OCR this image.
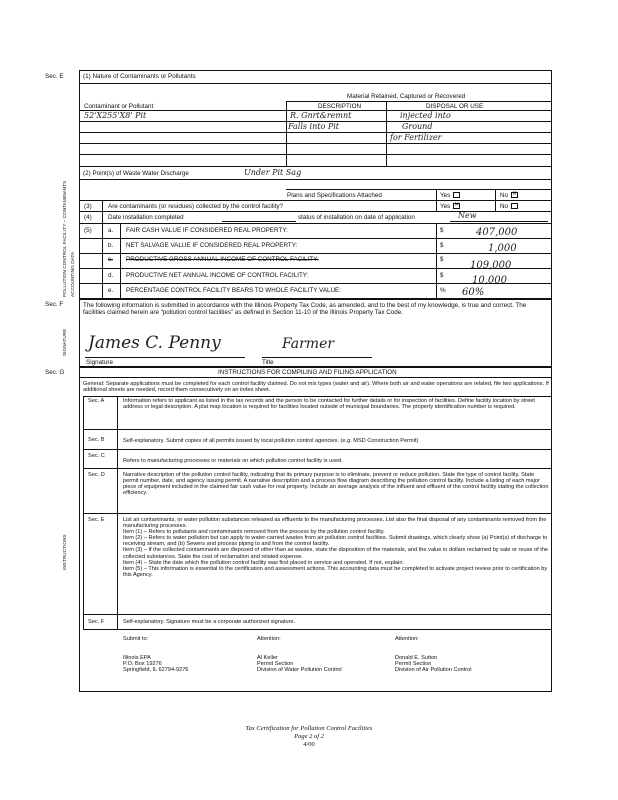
Sec. E	(1) Nature of Contaminants or Pollutants
POLLUTION CONTROL FACILITY – CONTAMINANTS
ACCOUNTING DATA
Material Retained, Captured or Recovered
Contaminant or Pollutant	DESCRIPTION	DISPOSAL OR USE
52'X255'X8' Pit	R. Gnrt&remnt
Falls into Pit
injected into
Ground
for Fertilizer
(2) Point(s) of Waste Water Discharge	Under Pit Sag
Plans and Specifications Attached	Yes	No✕
(3)	Are contaminants (or residues) collected by the control facility?	Yes✕	No
(4)	Date installation completed	status of installation on date of application	New
(5)	a. FAIR CASH VALUE IF CONSIDERED REAL PROPERTY:	$	407,000
b. NET SALVAGE VALUE IF CONSIDERED REAL PROPERTY:	$	1,000
c. PRODUCTIVE GROSS ANNUAL INCOME OF CONTROL FACILITY:	$
109,000
d. PRODUCTIVE NET ANNUAL INCOME OF CONTROL FACILITY:	$	10,000
e. PERCENTAGE CONTROL FACILITY BEARS TO WHOLE FACILITY VALUE:	% 60%
Sec. F
SIGNATURE
The following information is submitted in accordance with the Illinois Property Tax Code, as amended, and to the best of my knowledge, is true and correct. The facilities claimed herein are “pollution control facilities” as defined in Section 11-10 of the Illinois Property Tax Code.
James C. Penny	Farmer
Signature	Title
Sec. G
INSTRUCTIONS
INSTRUCTIONS FOR COMPILING AND FILING APPLICATION
General: Separate applications must be completed for each control facility claimed. Do not mix types (water and air). Where both air and water operations are related, file two applications. If additional sheets are needed, record them consecutively on an index sheet.
Sec. A	Information refers to applicant as listed in the tax records and the person to be contacted for further details or for inspection of facilities. Define facility location by street address or legal description. A plat map location is required for facilities located outside of municipal boundaries. The property identification number is required.
Sec. B	Self-explanatory. Submit copies of all permits issued by local pollution control agencies. (e.g. MSD Construction Permit)
Sec. C
Refers to manufacturing processes or materials on which pollution control facility is used.
Sec. D	Narrative description of the pollution control facility, indicating that its primary purpose is to eliminate, prevent or reduce pollution. State the type of control facility. State permit number, date, and agency issuing permit. A narrative description and a process flow diagram describing the pollution control facility. Include a listing of each major piece of equipment included in the claimed fair cash value for real property. Include an average analysis of the influent and effluent of the control facility stating the collection efficiency.
Sec. E	List air contaminants, or water pollution substances released as effluents to the manufacturing processes. List also the final disposal of any contaminants removed from the manufacturing processes.
Item (1) – Refers to pollutants and contaminants removed from the process by the pollution control facility.
Item (2) – Refers to water pollution but can apply to water-carried wastes from air pollution control facilities. Submit drawings, which clearly show (a) Point(s) of discharge to receiving stream, and (b) Sewers and process piping to and from the control facility.
Item (3) – If the collected contaminants are disposed of other than as wastes, state the disposition of the materials, and the value in dollars reclaimed by sale or reuse of the collected substances. State the cost of reclamation and related expense.
Item (4) – State the date which the pollution control facility was first placed in service and operated. If not, explain.
Item (5) – This information is essential to the certification and assessment actions. This accounting data must be completed to activate project review prior to certification by this Agency.
Sec. F	Self-explanatory. Signature must be a corporate authorized signature.
Submit to:	Attention:	Attention:
Illinois EPA
P.O. Box 19276
Springfield, IL 62794-9276
Al Keller
Permit Section
Division of Water Pollution Control
Donald E. Sutton
Permit Section
Division of Air Pollution Control
Tax Certification for Pollution Control Facilities
Page 2 of 2
4/00
